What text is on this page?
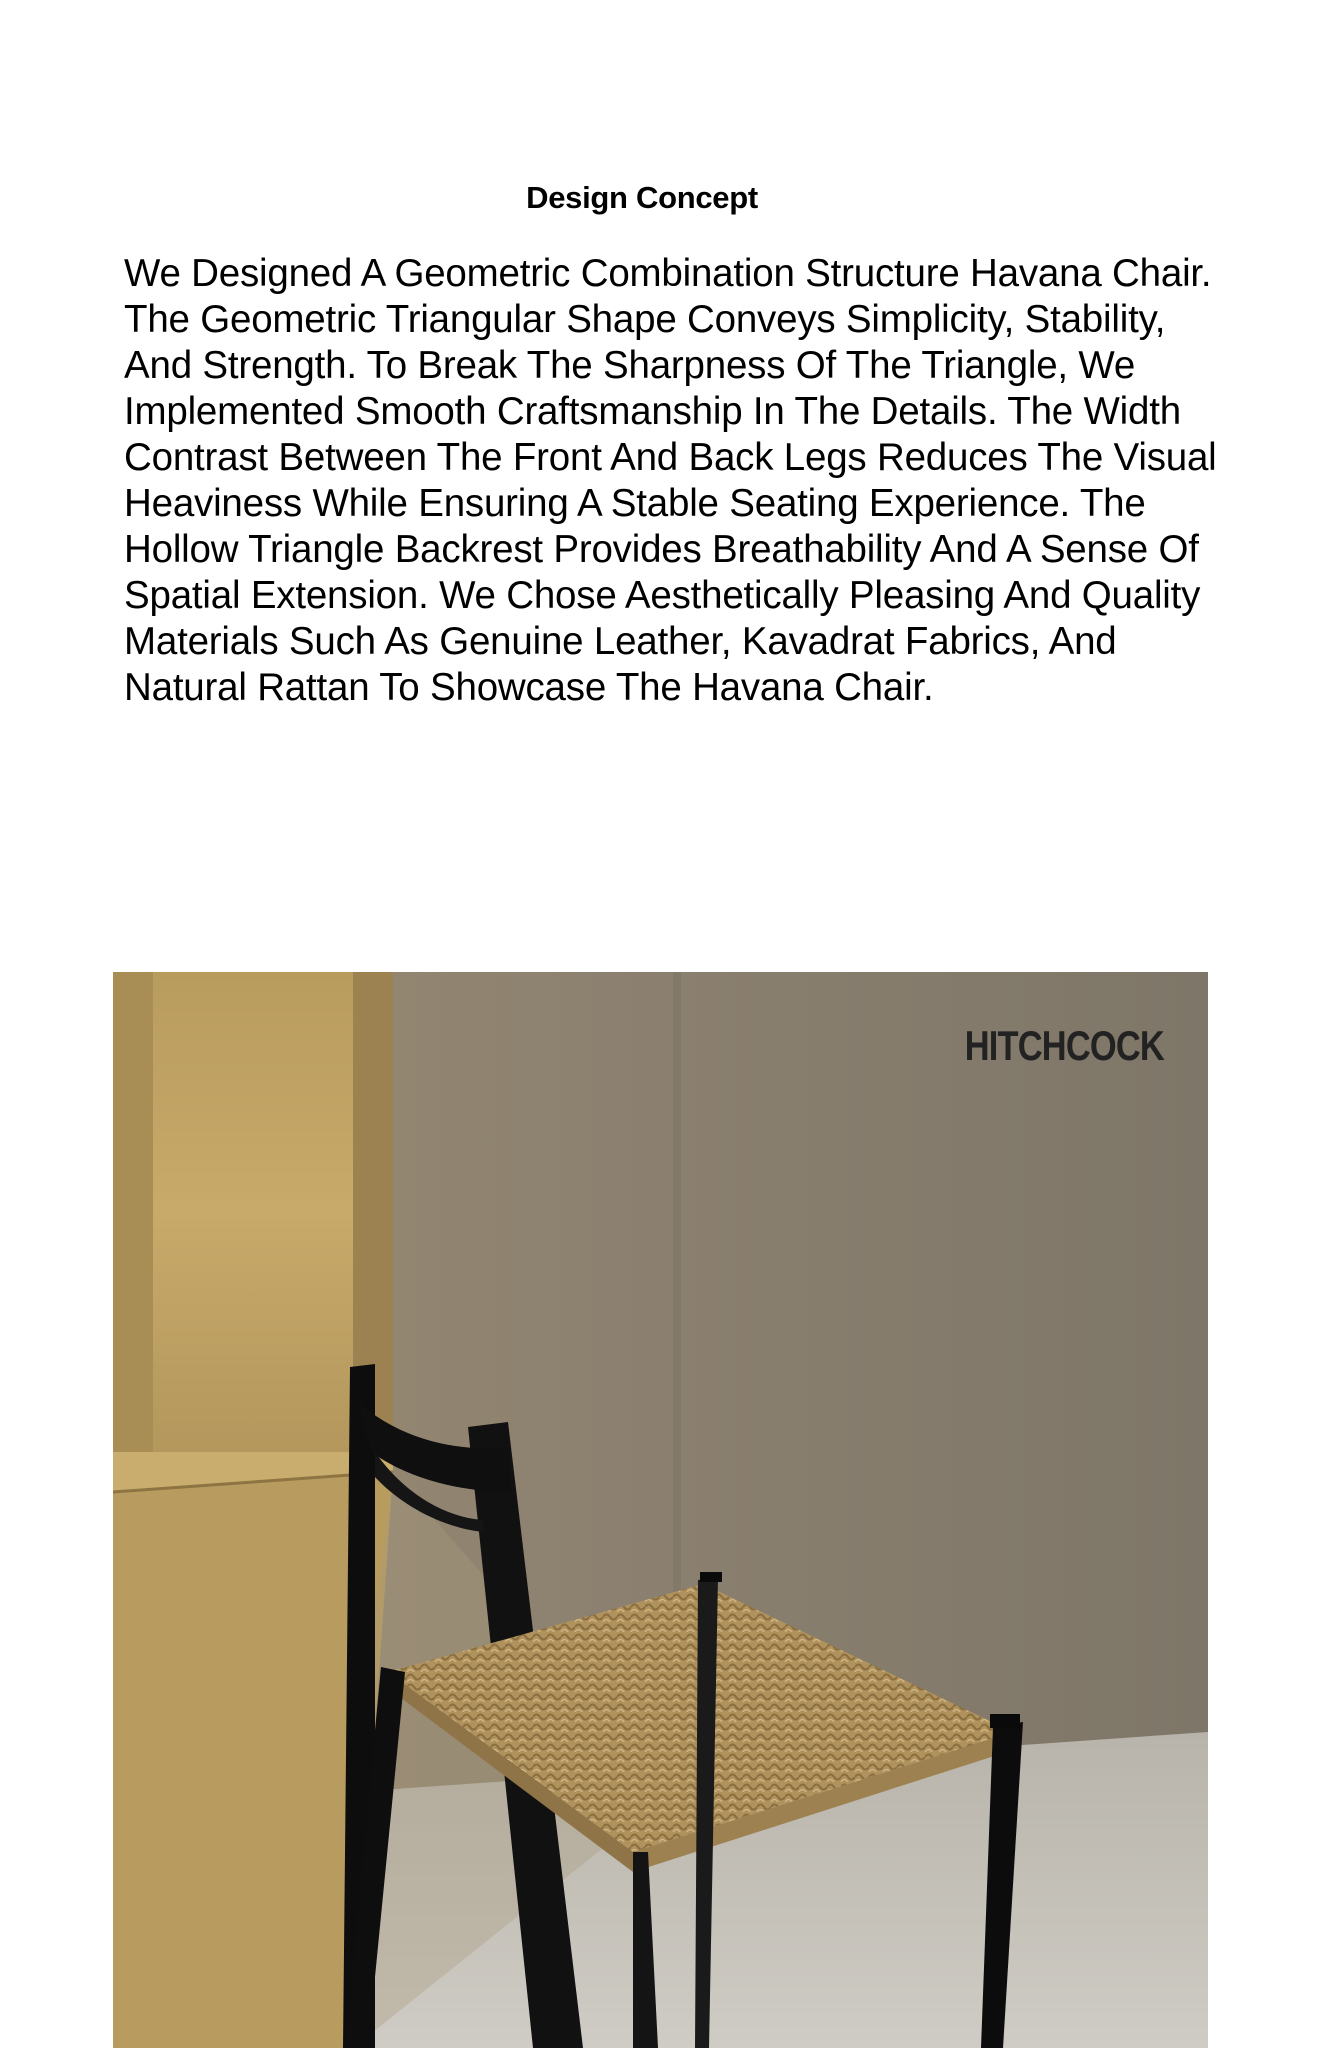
Design Concept
We Designed A Geometric Combination Structure Havana Chair. The Geometric Triangular Shape Conveys Simplicity, Stability, And Strength. To Break The Sharpness Of The Triangle, We Implemented Smooth Craftsmanship In The Details. The Width Contrast Between The Front And Back Legs Reduces The Visual Heaviness While Ensuring A Stable Seating Experience. The Hollow Triangle Backrest Provides Breathability And A Sense Of Spatial Extension. We Chose Aesthetically Pleasing And Quality Materials Such As Genuine Leather, Kavadrat Fabrics, And Natural Rattan To Showcase The Havana Chair.
HITCHCOCK
